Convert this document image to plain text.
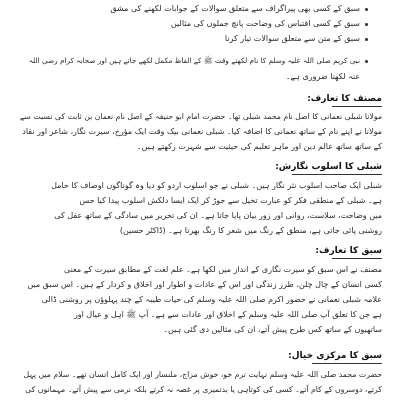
سبق کے کسی بھی پیراگراف سے متعلق سوالات کے جوابات لکھنے کی مشق
سبق کے کسی اقتباس کی وضاحت پانچ جملوں کی مثالیں
سبق کے متن سے متعلق سوالات تیار کرنا
نبی کریم صلی اللہ علیہ وسلم کا نام لکھتے وقت ﷺ کے الفاظ مکمل لکھے جاتے ہیں اور صحابہ کرام رضی اللہ
عنہ لکھنا ضروری ہے۔
مصنف کا تعارف:
مولانا شبلی نعمانی کا اصل نام محمد شبلی تھا۔ حضرت امام ابو حنیفہ کے اصل نام نعمان بن ثابت کی نسبت سے
مولانا نے اپنے نام کے ساتھ نعمانی کا اضافہ کیا۔ شبلی نعمانی بیک وقت ایک مؤرخ، سیرت نگار، شاعر اور نقاد
کے ساتھ ساتھ عالم دین اور ماہر تعلیم کی حیثیت سے شہرت رکھتے ہیں۔
شبلی کا اسلوب نگارش:
شبلی ایک صاحب اسلوب نثر نگار ہیں۔ شبلی نے جو اسلوب اردو کو دیا وہ گوناگوں اوصاف کا حامل
ہے۔ شبلی کے منطقی فکر کو عبارت تخیل سے جوڑ کر ایک ایسا دلکش اسلوب پیدا کیا جس
میں وضاحت، سلاست، روانی اور زور بیان پایا جاتا ہے۔ ان کی تحریر میں سادگی کے ساتھ عقل کی
روشنی پائی جاتی ہے، منطق کے رنگ میں شعر کا رنگ بھرتا ہے۔ (ڈاکٹر حسین)
سبق کا تعارف:
مصنف نے اس سبق کو سیرت نگاری کے انداز میں لکھا ہے۔ علم لغت کے مطابق سیرت کے معنی
کسی انسان کے چال چلن، طرز زندگی اور اس کے عادات و اطوار اور اخلاق و کردار کے ہیں۔ اس سبق میں
علامہ شبلی نعمانی نے حضور اکرم صلی اللہ علیہ وسلم کی حیات طیبہ کے چند پہلوؤں پر روشنی ڈالی
ہے جن کا تعلق آپ صلی اللہ علیہ وسلم کے اخلاق اور عادات سے ہے۔ آپ ﷺ اہل و عیال اور
ساتھیوں کے ساتھ کس طرح پیش آتے، ان کی مثالیں دی گئی ہیں۔
سبق کا مرکزی خیال:
حضرت محمد صلی اللہ علیہ وسلم نہایت نرم خو، خوش مزاج، ملنسار اور ایک کامل انسان تھے۔ سلام میں پہل
کرتے، دوسروں کے کام آتے۔ کسی کی کوتاہی یا بدتمیزی پر غصہ نہ کرتے بلکہ نرمی سے پیش آتے۔ مہمانوں کی
